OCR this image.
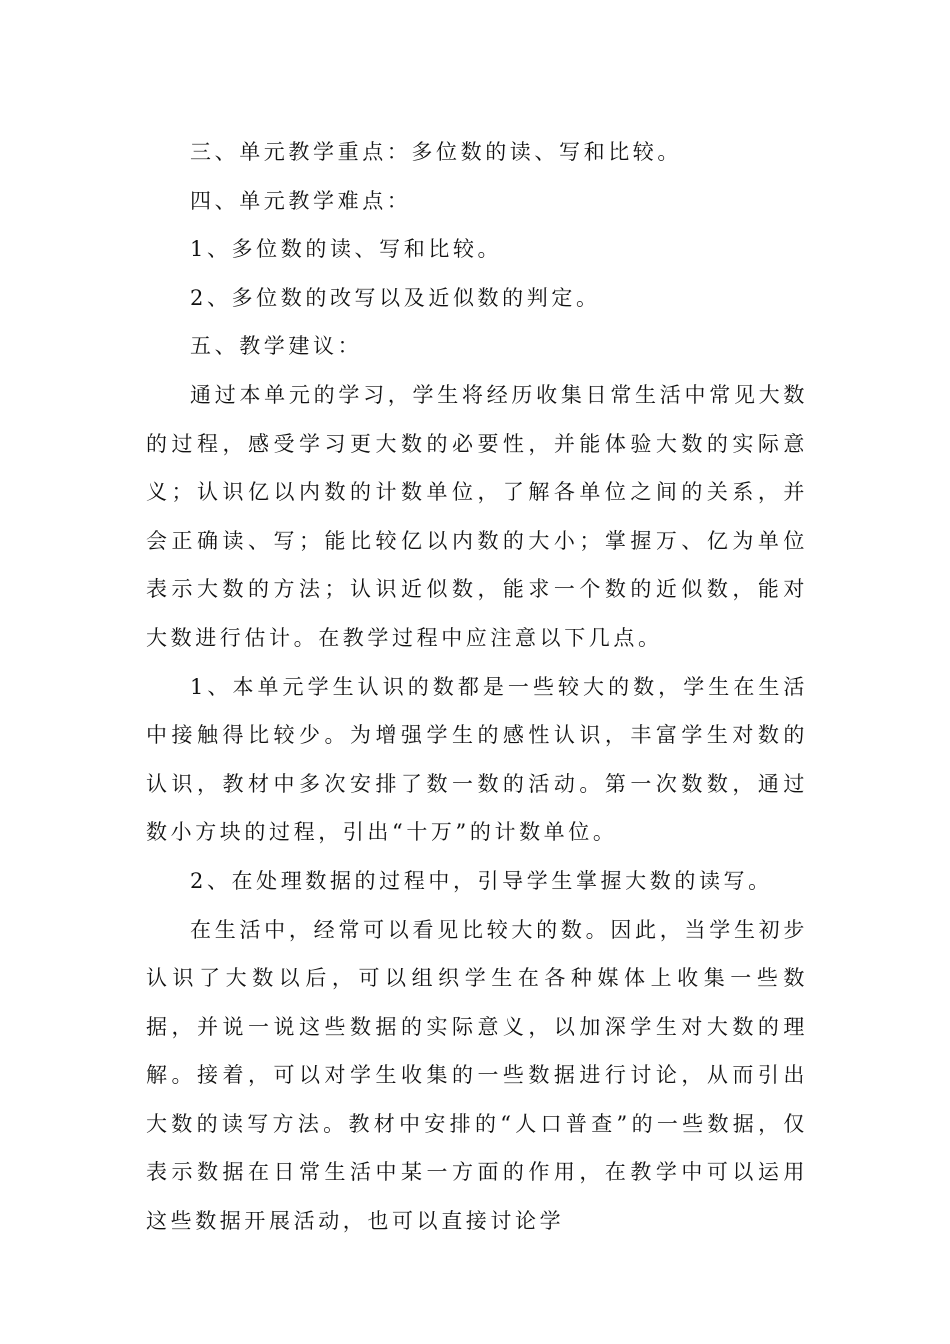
三、单元教学重点：多位数的读、写和比较。

四、单元教学难点：

1、多位数的读、写和比较。

2、多位数的改写以及近似数的判定。

五、教学建议：

通过本单元的学习，学生将经历收集日常生活中常见大数的过程，感受学习更大数的必要性，并能体验大数的实际意义；认识亿以内数的计数单位，了解各单位之间的关系，并会正确读、写；能比较亿以内数的大小；掌握万、亿为单位表示大数的方法；认识近似数，能求一个数的近似数，能对大数进行估计。在教学过程中应注意以下几点。

1、本单元学生认识的数都是一些较大的数，学生在生活中接触得比较少。为增强学生的感性认识，丰富学生对数的认识，教材中多次安排了数一数的活动。第一次数数，通过数小方块的过程，引出“十万”的计数单位。

2、在处理数据的过程中，引导学生掌握大数的读写。

在生活中，经常可以看见比较大的数。因此，当学生初步认识了大数以后，可以组织学生在各种媒体上收集一些数据，并说一说这些数据的实际意义，以加深学生对大数的理解。接着，可以对学生收集的一些数据进行讨论，从而引出大数的读写方法。教材中安排的“人口普查”的一些数据，仅表示数据在日常生活中某一方面的作用，在教学中可以运用这些数据开展活动，也可以直接讨论学
